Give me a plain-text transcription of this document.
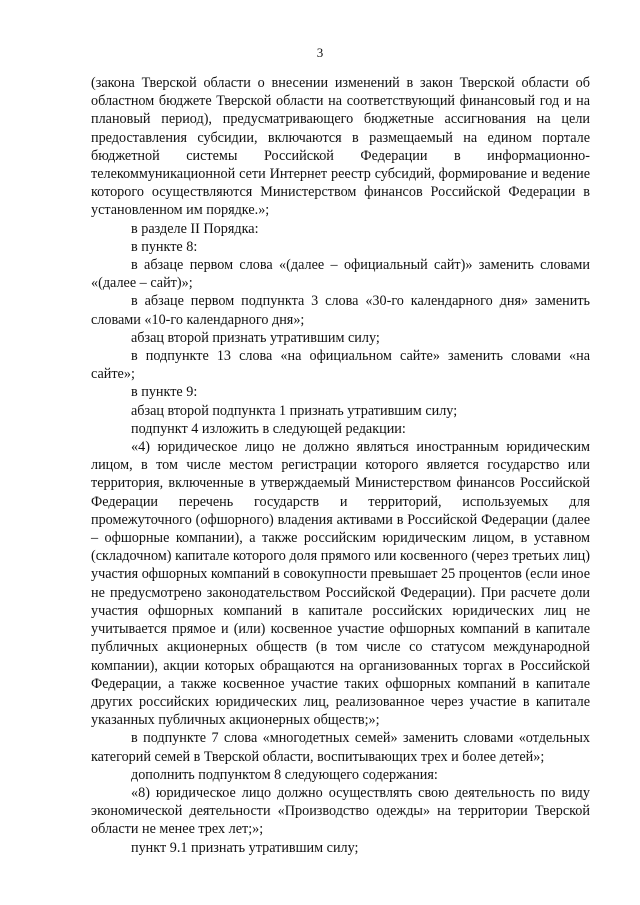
3

(закона Тверской области о внесении изменений в закон Тверской области об областном бюджете Тверской области на соответствующий финансовый год и на плановый период), предусматривающего бюджетные ассигнования на цели предоставления субсидии, включаются в размещаемый на едином портале бюджетной системы Российской Федерации в информационно-телекоммуникационной сети Интернет реестр субсидий, формирование и ведение которого осуществляются Министерством финансов Российской Федерации в установленном им порядке.»;

в разделе II Порядка:

в пункте 8:

в абзаце первом слова «(далее – официальный сайт)» заменить словами «(далее – сайт)»;

в абзаце первом подпункта 3 слова «30-го календарного дня» заменить словами «10-го календарного дня»;

абзац второй признать утратившим силу;

в подпункте 13 слова «на официальном сайте» заменить словами «на сайте»;

в пункте 9:

абзац второй подпункта 1 признать утратившим силу;

подпункт 4 изложить в следующей редакции:

«4) юридическое лицо не должно являться иностранным юридическим лицом, в том числе местом регистрации которого является государство или территория, включенные в утверждаемый Министерством финансов Российской Федерации перечень государств и территорий, используемых для промежуточного (офшорного) владения активами в Российской Федерации (далее – офшорные компании), а также российским юридическим лицом, в уставном (складочном) капитале которого доля прямого или косвенного (через третьих лиц) участия офшорных компаний в совокупности превышает 25 процентов (если иное не предусмотрено законодательством Российской Федерации). При расчете доли участия офшорных компаний в капитале российских юридических лиц не учитывается прямое и (или) косвенное участие офшорных компаний в капитале публичных акционерных обществ (в том числе со статусом международной компании), акции которых обращаются на организованных торгах в Российской Федерации, а также косвенное участие таких офшорных компаний в капитале других российских юридических лиц, реализованное через участие в капитале указанных публичных акционерных обществ;»;

в подпункте 7 слова «многодетных семей» заменить словами «отдельных категорий семей в Тверской области, воспитывающих трех и более детей»;

дополнить подпунктом 8 следующего содержания:

«8) юридическое лицо должно осуществлять свою деятельность по виду экономической деятельности «Производство одежды» на территории Тверской области не менее трех лет;»;

пункт 9.1 признать утратившим силу;
